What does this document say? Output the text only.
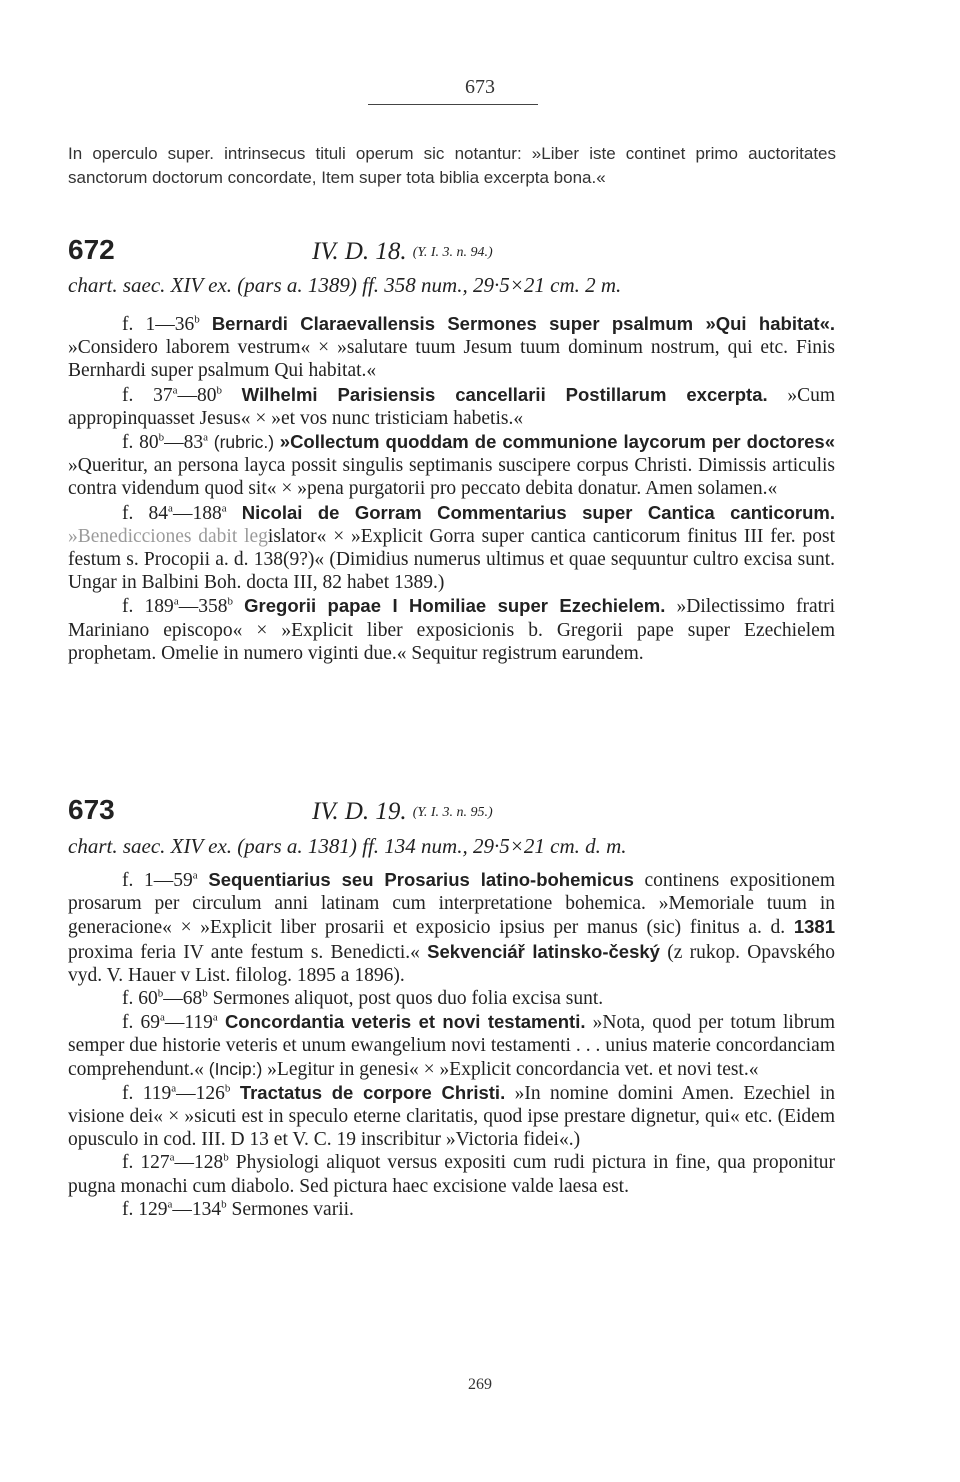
673
In operculo super. intrinsecus tituli operum sic notantur: »Liber iste continet primo auctoritates sanctorum doctorum concordate, Item super tota biblia excerpta bona.«
672	IV. D. 18. (Y. I. 3. n. 94.)
chart. saec. XIV ex. (pars a. 1389) ff. 358 num., 29·5×21 cm. 2 m.

f. 1—36$^b$ Bernardi Claraevallensis Sermones super psalmum »Qui habitat«. »Considero laborem vestrum« × »salutare tuum Jesum tuum dominum nostrum, qui etc. Finis Bernhardi super psalmum Qui habitat.«

f. 37$^a$—80$^b$ Wilhelmi Parisiensis cancellarii Postillarum excerpta. »Cum appropinquasset Jesus« × »et vos nunc tristiciam habetis.«

f. 80$^b$—83$^a$ (rubric.) »Collectum quoddam de communione laycorum per doctores« »Queritur, an persona layca possit singulis septimanis suscipere corpus Christi. Dimissis articulis contra videndum quod sit« × »pena purgatorii pro peccato debita donatur. Amen solamen.«

f. 84$^a$—188$^a$ Nicolai de Gorram Commentarius super Cantica canticorum. »Benedicciones dabit legislator« × »Explicit Gorra super cantica canticorum finitus III fer. post festum s. Procopii a. d. 138(9?)« (Dimidius numerus ultimus et quae sequuntur cultro excisa sunt. Ungar in Balbini Boh. docta III, 82 habet 1389.)

f. 189$^a$—358$^b$ Gregorii papae I Homiliae super Ezechielem. »Dilectissimo fratri Mariniano episcopo« × »Explicit liber exposicionis b. Gregorii pape super Ezechielem prophetam. Omelie in numero viginti due.« Sequitur registrum earundem.

673	IV. D. 19. (Y. I. 3. n. 95.)
chart. saec. XIV ex. (pars a. 1381) ff. 134 num., 29·5×21 cm. d. m.

f. 1—59$^a$ Sequentiarius seu Prosarius latino-bohemicus continens expositionem prosarum per circulum anni latinam cum interpretatione bohemica. »Memoriale tuum in generacione« × »Explicit liber prosarii et exposicio ipsius per manus (sic) finitus a. d. 1381 proxima feria IV ante festum s. Benedicti.« Sekvenciář latinsko-český (z rukop. Opavského vyd. V. Hauer v List. filolog. 1895 a 1896).

f. 60$^b$—68$^b$ Sermones aliquot, post quos duo folia excisa sunt.

f. 69$^a$—119$^a$ Concordantia veteris et novi testamenti. »Nota, quod per totum librum semper due historie veteris et unum ewangelium novi testamenti . . . unius materie concordanciam comprehendunt.« (Incip:) »Legitur in genesi« × »Explicit concordancia vet. et novi test.«

f. 119$^a$—126$^b$ Tractatus de corpore Christi. »In nomine domini Amen. Ezechiel in visione dei« × »sicuti est in speculo eterne claritatis, quod ipse prestare dignetur, qui« etc. (Eidem opusculo in cod. III. D 13 et V. C. 19 inscribitur »Victoria fidei«.)

f. 127$^a$—128$^b$ Physiologi aliquot versus expositi cum rudi pictura in fine, qua proponitur pugna monachi cum diabolo. Sed pictura haec excisione valde laesa est.

f. 129$^a$—134$^b$ Sermones varii.

269
